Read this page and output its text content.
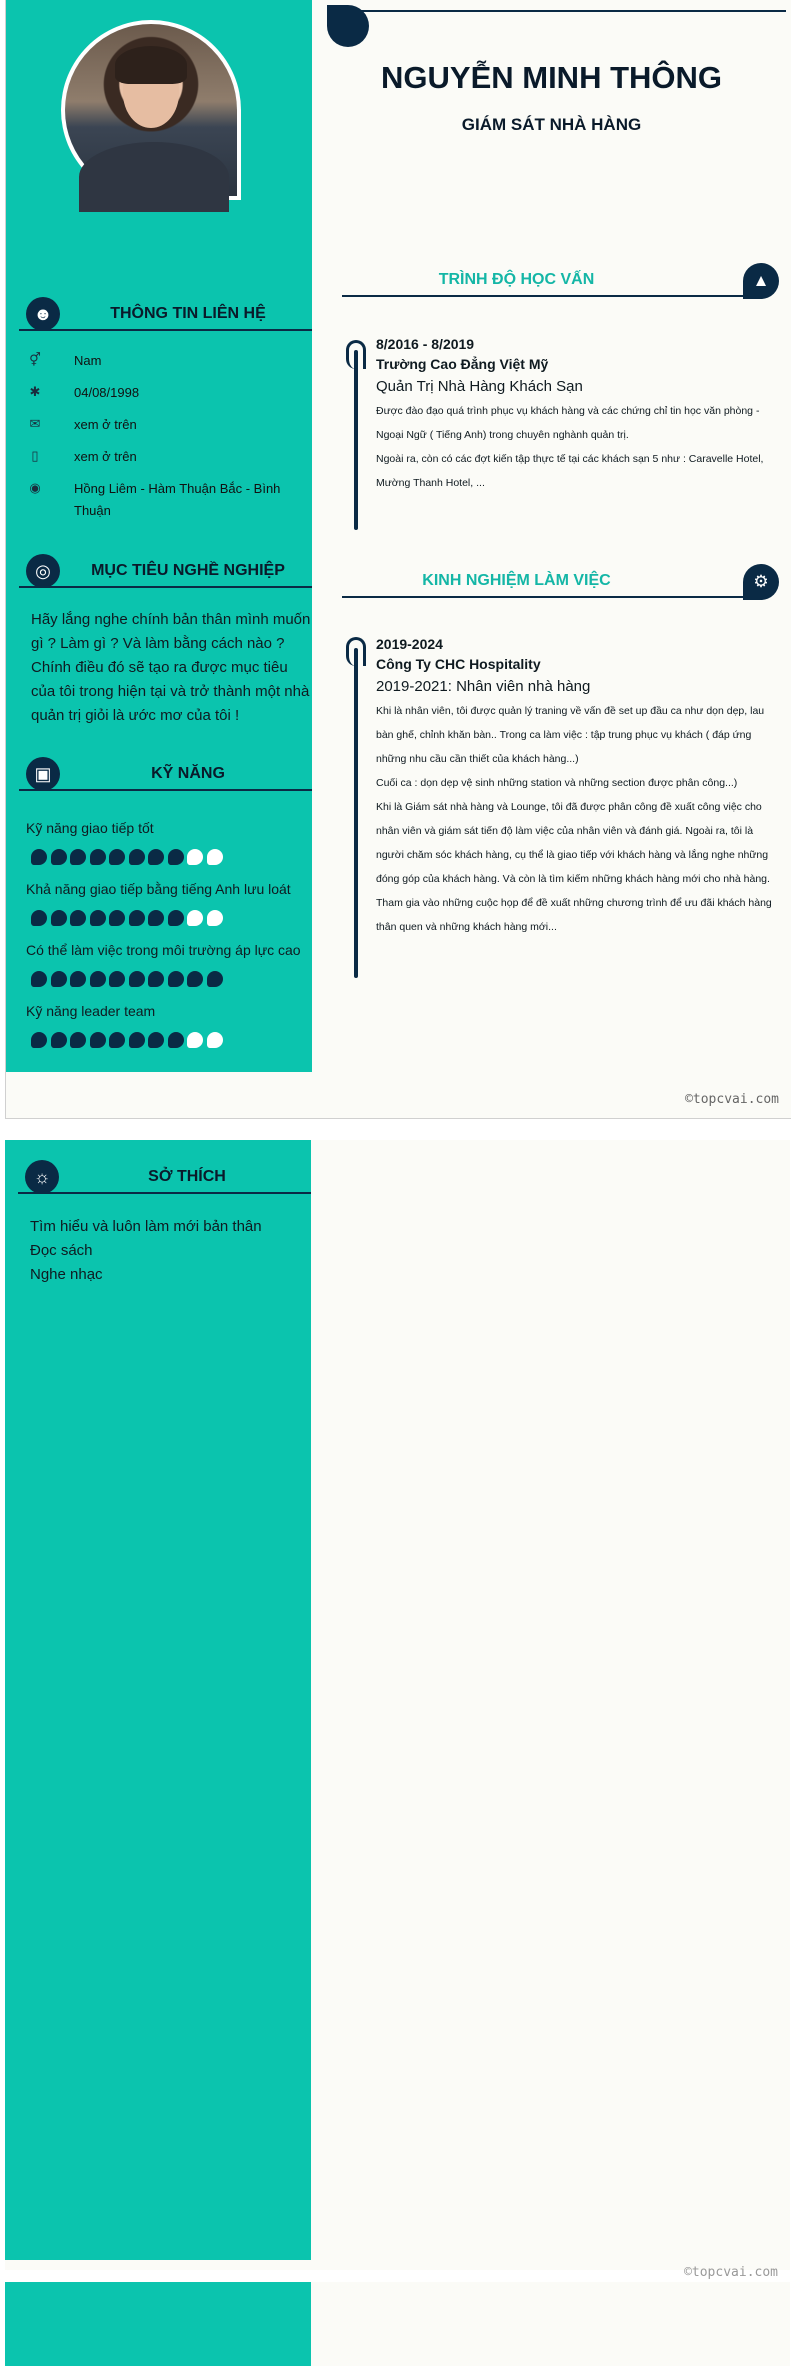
☻	THÔNG TIN LIÊN HỆ
⚥	Nam
✱	04/08/1998
✉	xem ở trên
▯	xem ở trên
◉	Hồng Liêm - Hàm Thuận Bắc - Bình Thuận
◎	MỤC TIÊU NGHỀ NGHIỆP
Hãy lắng nghe chính bản thân mình muốn gì ? Làm gì ? Và làm bằng cách nào ? Chính điều đó sẽ tạo ra được mục tiêu của tôi trong hiện tại và trở thành một nhà quản trị giỏi là ước mơ của tôi !
▣	KỸ NĂNG
Kỹ năng giao tiếp tốt
Khả năng giao tiếp bằng tiếng Anh lưu loát
Có thể làm việc trong môi trường áp lực cao
Kỹ năng leader team
NGUYỄN MINH THÔNG
GIÁM SÁT NHÀ HÀNG
TRÌNH ĐỘ HỌC VẤN	▲
8/2016 - 8/2019
Trường Cao Đẳng Việt Mỹ
Quản Trị Nhà Hàng Khách Sạn
Được đào đạo quá trình phục vụ khách hàng và các chứng chỉ tin học văn phòng - Ngoại Ngữ ( Tiếng Anh) trong chuyên nghành quản trị.
Ngoài ra, còn có các đợt kiến tập thực tế tại các khách sạn 5 như : Caravelle Hotel, Mường Thanh Hotel, ...
KINH NGHIỆM LÀM VIỆC	⚙
2019-2024
Công Ty CHC Hospitality
2019-2021: Nhân viên nhà hàng
Khi là nhân viên, tôi được quản lý traning về vấn đề set up đầu ca như dọn dẹp, lau bàn ghế, chỉnh khăn bàn.. Trong ca làm việc : tập trung phục vụ khách ( đáp ứng những nhu cầu cần thiết của khách hàng...)
Cuối ca : dọn dẹp vệ sinh những station và những section được phân công...)
Khi là Giám sát nhà hàng và Lounge, tôi đã được phân công đề xuất công việc cho nhân viên và giám sát tiến độ làm việc của nhân viên và đánh giá. Ngoài ra, tôi là người chăm sóc khách hàng, cụ thể là giao tiếp với khách hàng và lắng nghe những đóng góp của khách hàng. Và còn là tìm kiếm những khách hàng mới cho nhà hàng. Tham gia vào những cuộc họp để đề xuất những chương trình để ưu đãi khách hàng thân quen và những khách hàng mới...
©topcvai.com
☼	SỞ THÍCH
Tìm hiểu và luôn làm mới bản thân
Đọc sách
Nghe nhạc
©topcvai.com
